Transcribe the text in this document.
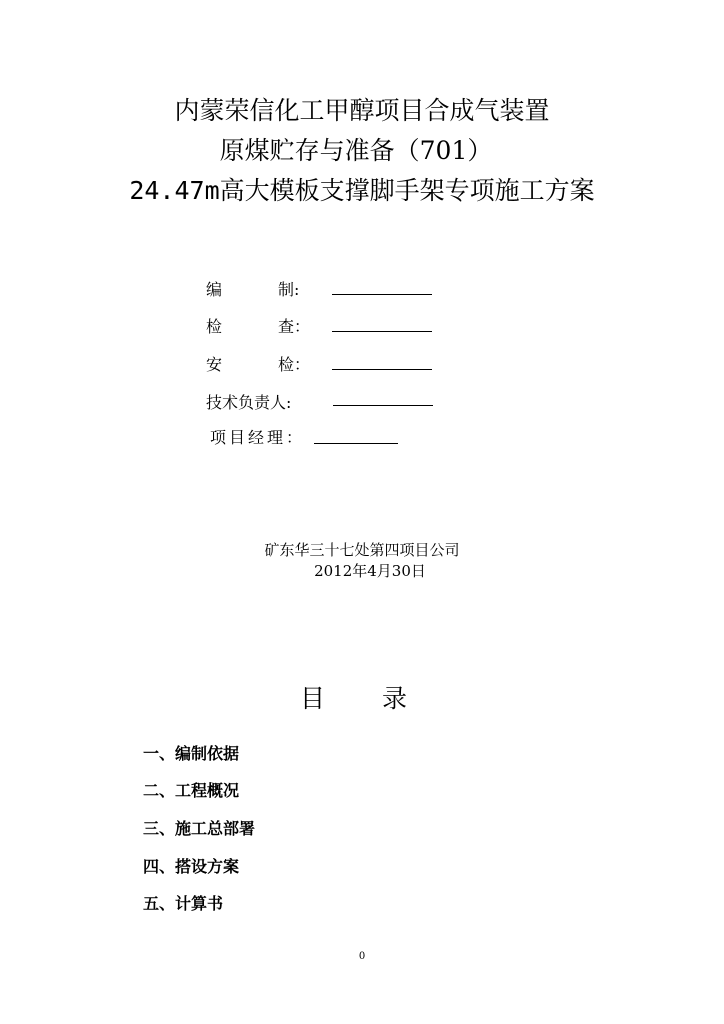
内蒙荣信化工甲醇项目合成气装置
原煤贮存与准备（701）
24.47m高大模板支撑脚手架专项施工方案
编	制:
检	查：
安	检：
技术负责人:
项目经理：
矿东华三十七处第四项目公司
2012年4月30日
目 录
一、编制依据
二、工程概况
三、施工总部署
四、搭设方案
五、计算书
0
